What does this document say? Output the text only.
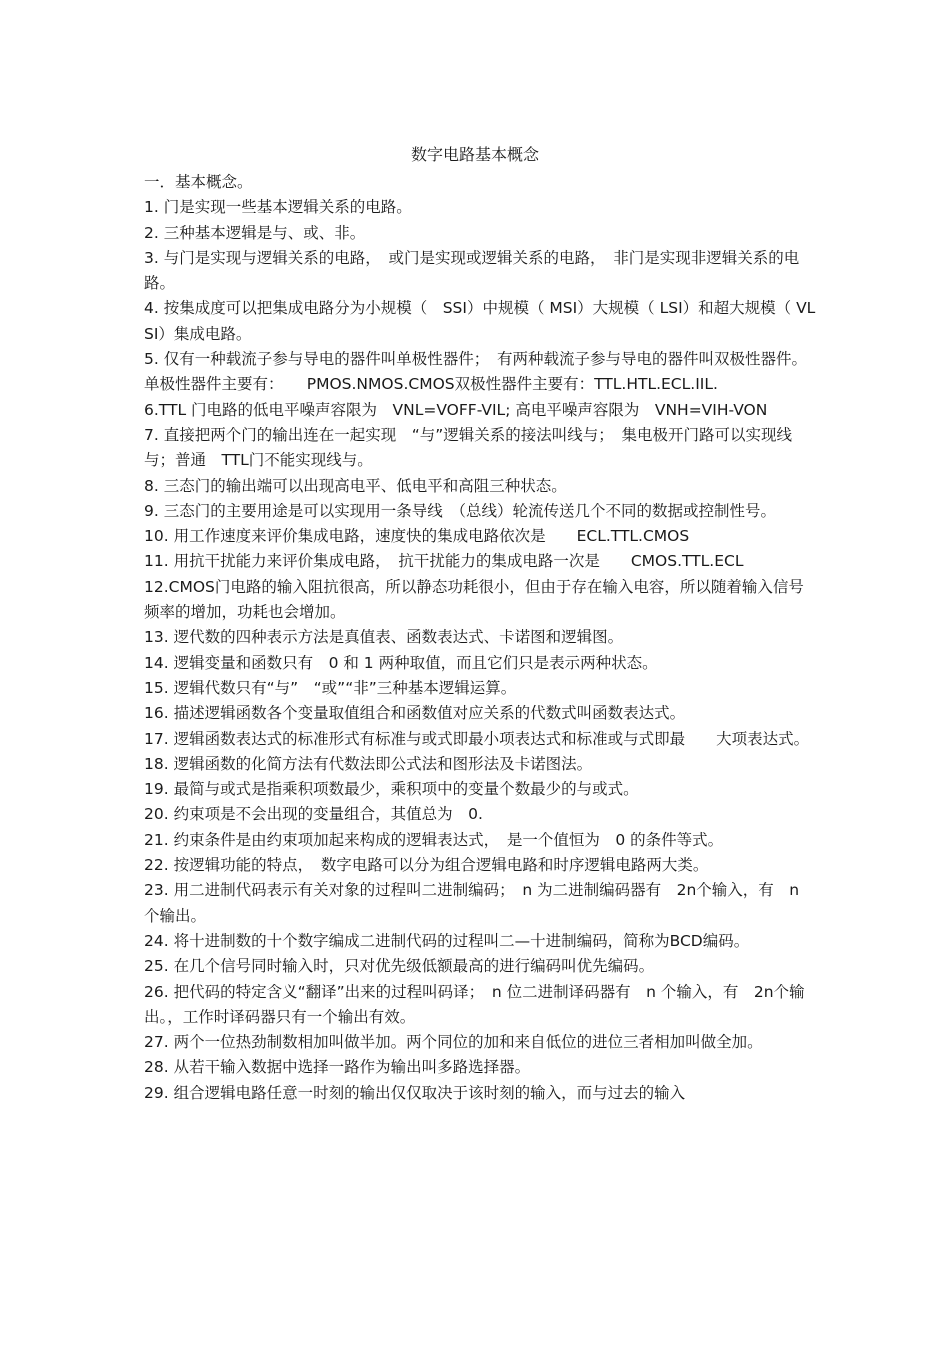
数字电路基本概念

一．基本概念。

1. 门是实现一些基本逻辑关系的电路。

2. 三种基本逻辑是与、或、非。

3. 与门是实现与逻辑关系的电路，　或门是实现或逻辑关系的电路，　非门是实现非逻辑关系的电路。

4. 按集成度可以把集成电路分为小规模（　SSI）中规模（ MSI）大规模（ LSI）和超大规模（ VLSI）集成电路。

5. 仅有一种载流子参与导电的器件叫单极性器件；　有两种载流子参与导电的器件叫双极性器件。单极性器件主要有：　　PMOS.NMOS.CMOS双极性器件主要有：TTL.HTL.ECL.IIL.

6.TTL 门电路的低电平噪声容限为　VNL=VOFF-VIL; 高电平噪声容限为　VNH=VIH-VON

7. 直接把两个门的输出连在一起实现　“与”逻辑关系的接法叫线与；　集电极开门路可以实现线与；普通　TTL门不能实现线与。

8. 三态门的输出端可以出现高电平、低电平和高阻三种状态。

9. 三态门的主要用途是可以实现用一条导线　（总线）轮流传送几个不同的数据或控制性号。

10. 用工作速度来评价集成电路，速度快的集成电路依次是　　ECL.TTL.CMOS

11. 用抗干扰能力来评价集成电路，　抗干扰能力的集成电路一次是　　CMOS.TTL.ECL

12.CMOS门电路的输入阻抗很高，所以静态功耗很小，但由于存在输入电容，所以随着输入信号频率的增加，功耗也会增加。

13. 逻代数的四种表示方法是真值表、函数表达式、卡诺图和逻辑图。

14. 逻辑变量和函数只有　0 和 1 两种取值，而且它们只是表示两种状态。

15. 逻辑代数只有“与”　“或”“非”三种基本逻辑运算。

16. 描述逻辑函数各个变量取值组合和函数值对应关系的代数式叫函数表达式。

17. 逻辑函数表达式的标准形式有标准与或式即最小项表达式和标准或与式即最　　大项表达式。

18. 逻辑函数的化简方法有代数法即公式法和图形法及卡诺图法。

19. 最简与或式是指乘积项数最少，乘积项中的变量个数最少的与或式。

20. 约束项是不会出现的变量组合，其值总为　0.

21. 约束条件是由约束项加起来构成的逻辑表达式，　是一个值恒为　0 的条件等式。

22. 按逻辑功能的特点，　数字电路可以分为组合逻辑电路和时序逻辑电路两大类。

23. 用二进制代码表示有关对象的过程叫二进制编码；　n 为二进制编码器有　2n个输入，有　n 个输出。

24. 将十进制数的十个数字编成二进制代码的过程叫二—十进制编码，简称为BCD编码。

25. 在几个信号同时输入时，只对优先级低额最高的进行编码叫优先编码。

26. 把代码的特定含义“翻译”出来的过程叫码译；　n 位二进制译码器有　n 个输入，有　2n个输出。，工作时译码器只有一个输出有效。

27. 两个一位热劲制数相加叫做半加。两个同位的加和来自低位的进位三者相加叫做全加。

28. 从若干输入数据中选择一路作为输出叫多路选择器。

29. 组合逻辑电路任意一时刻的输出仅仅取决于该时刻的输入，而与过去的输入
